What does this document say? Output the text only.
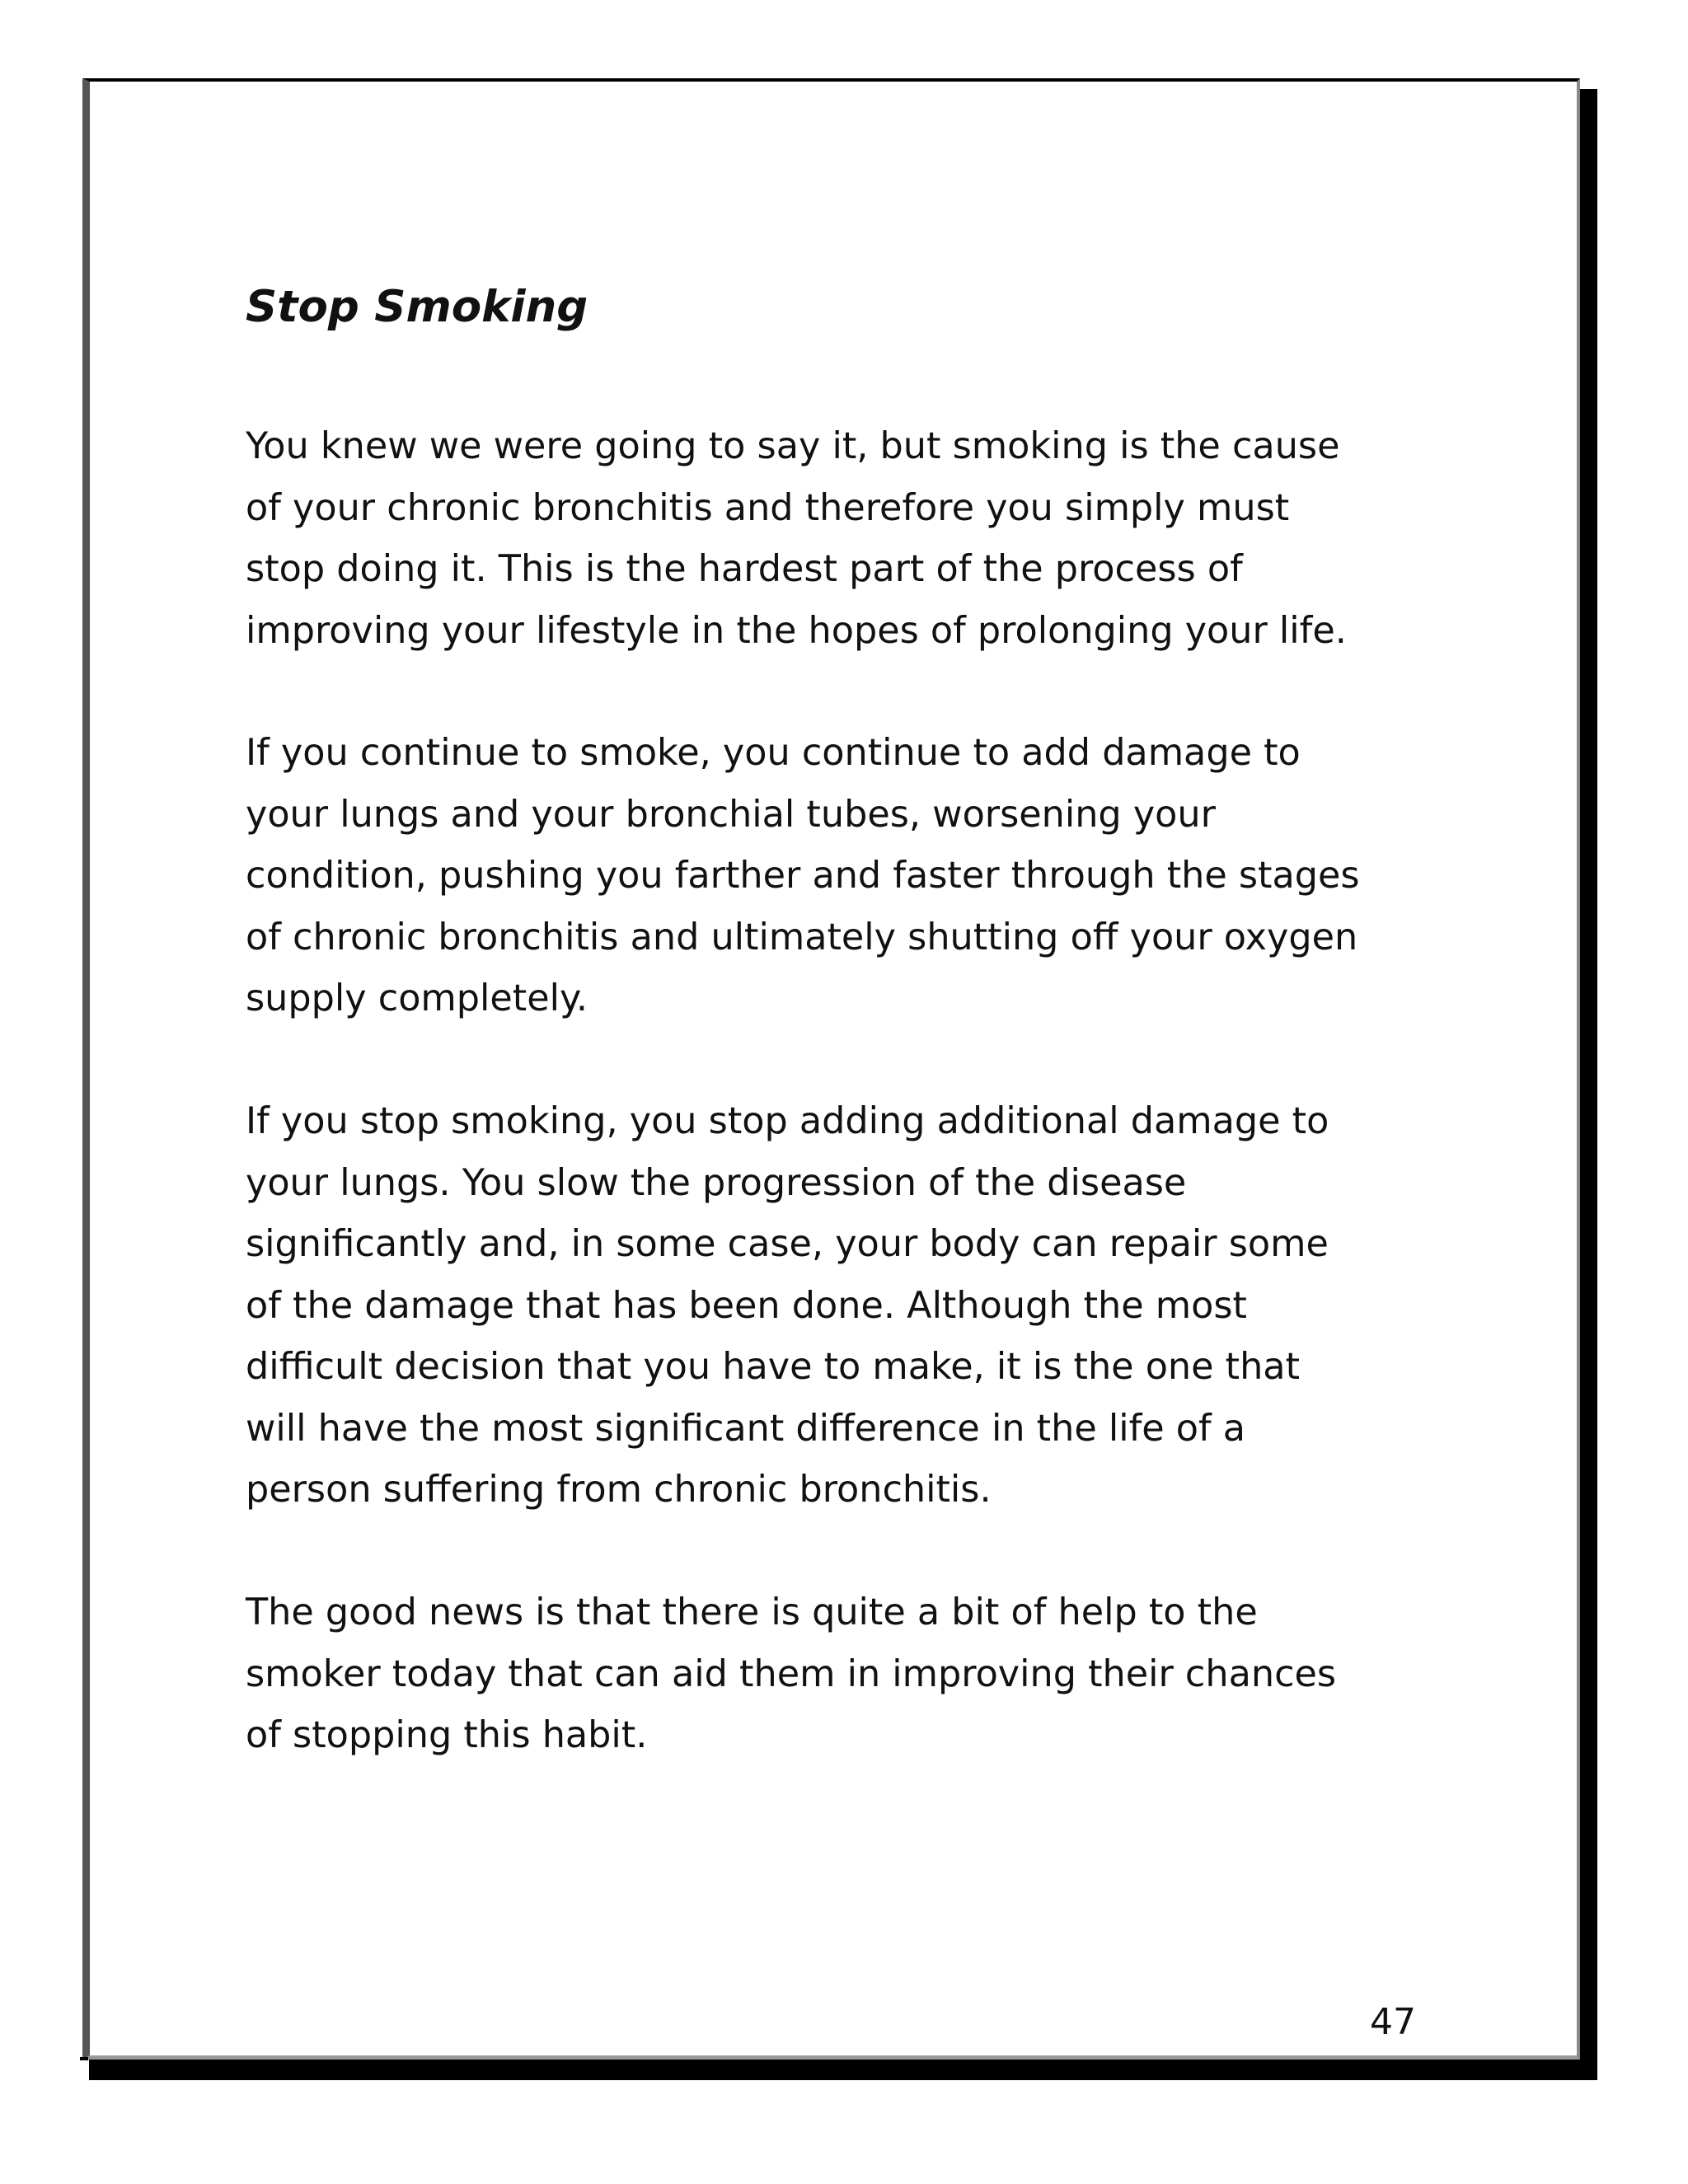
Stop Smoking

You knew we were going to say it, but smoking is the cause
of your chronic bronchitis and therefore you simply must
stop doing it. This is the hardest part of the process of
improving your lifestyle in the hopes of prolonging your life.

If you continue to smoke, you continue to add damage to
your lungs and your bronchial tubes, worsening your
condition, pushing you farther and faster through the stages
of chronic bronchitis and ultimately shutting off your oxygen
supply completely.

If you stop smoking, you stop adding additional damage to
your lungs. You slow the progression of the disease
significantly and, in some case, your body can repair some
of the damage that has been done. Although the most
difficult decision that you have to make, it is the one that
will have the most significant difference in the life of a
person suffering from chronic bronchitis.

The good news is that there is quite a bit of help to the
smoker today that can aid them in improving their chances
of stopping this habit.

47
